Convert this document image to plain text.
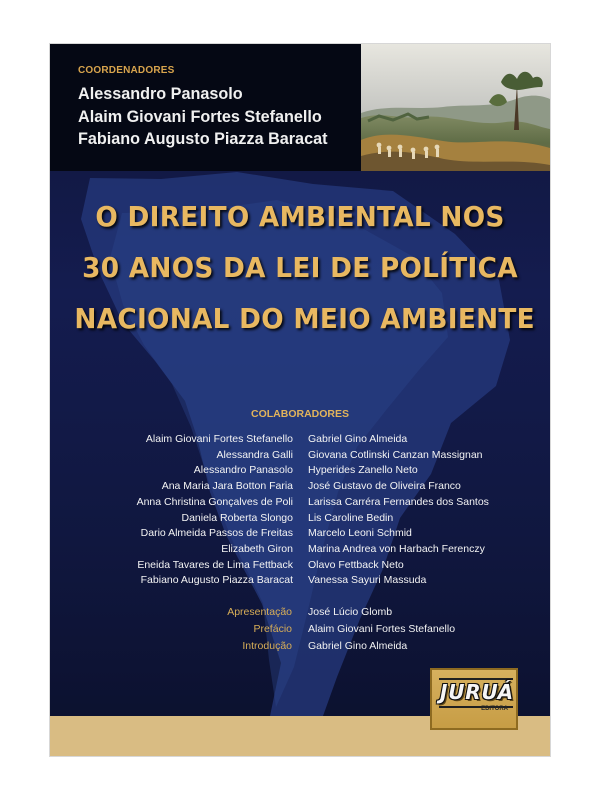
COORDENADORES
Alessandro Panasolo
Alaim Giovani Fortes Stefanello
Fabiano Augusto Piazza Baracat
O DIREITO AMBIENTAL NOS
30 ANOS DA LEI DE POLÍTICA
NACIONAL DO MEIO AMBIENTE
COLABORADORES
Alaim Giovani Fortes Stefanello
Alessandra Galli
Alessandro Panasolo
Ana Maria Jara Botton Faria
Anna Christina Gonçalves de Poli
Daniela Roberta Slongo
Dario Almeida Passos de Freitas
Elizabeth Giron
Eneida Tavares de Lima Fettback
Fabiano Augusto Piazza Baracat
Gabriel Gino Almeida
Giovana Cotlinski Canzan Massignan
Hyperides Zanello Neto
José Gustavo de Oliveira Franco
Larissa Carréra Fernandes dos Santos
Lis Caroline Bedin
Marcelo Leoni Schmid
Marina Andrea von Harbach Ferenczy
Olavo Fettback Neto
Vanessa Sayuri Massuda
Apresentação José Lúcio Glomb
Prefácio Alaim Giovani Fortes Stefanello
Introdução Gabriel Gino Almeida
JURUÁ
EDITORA
